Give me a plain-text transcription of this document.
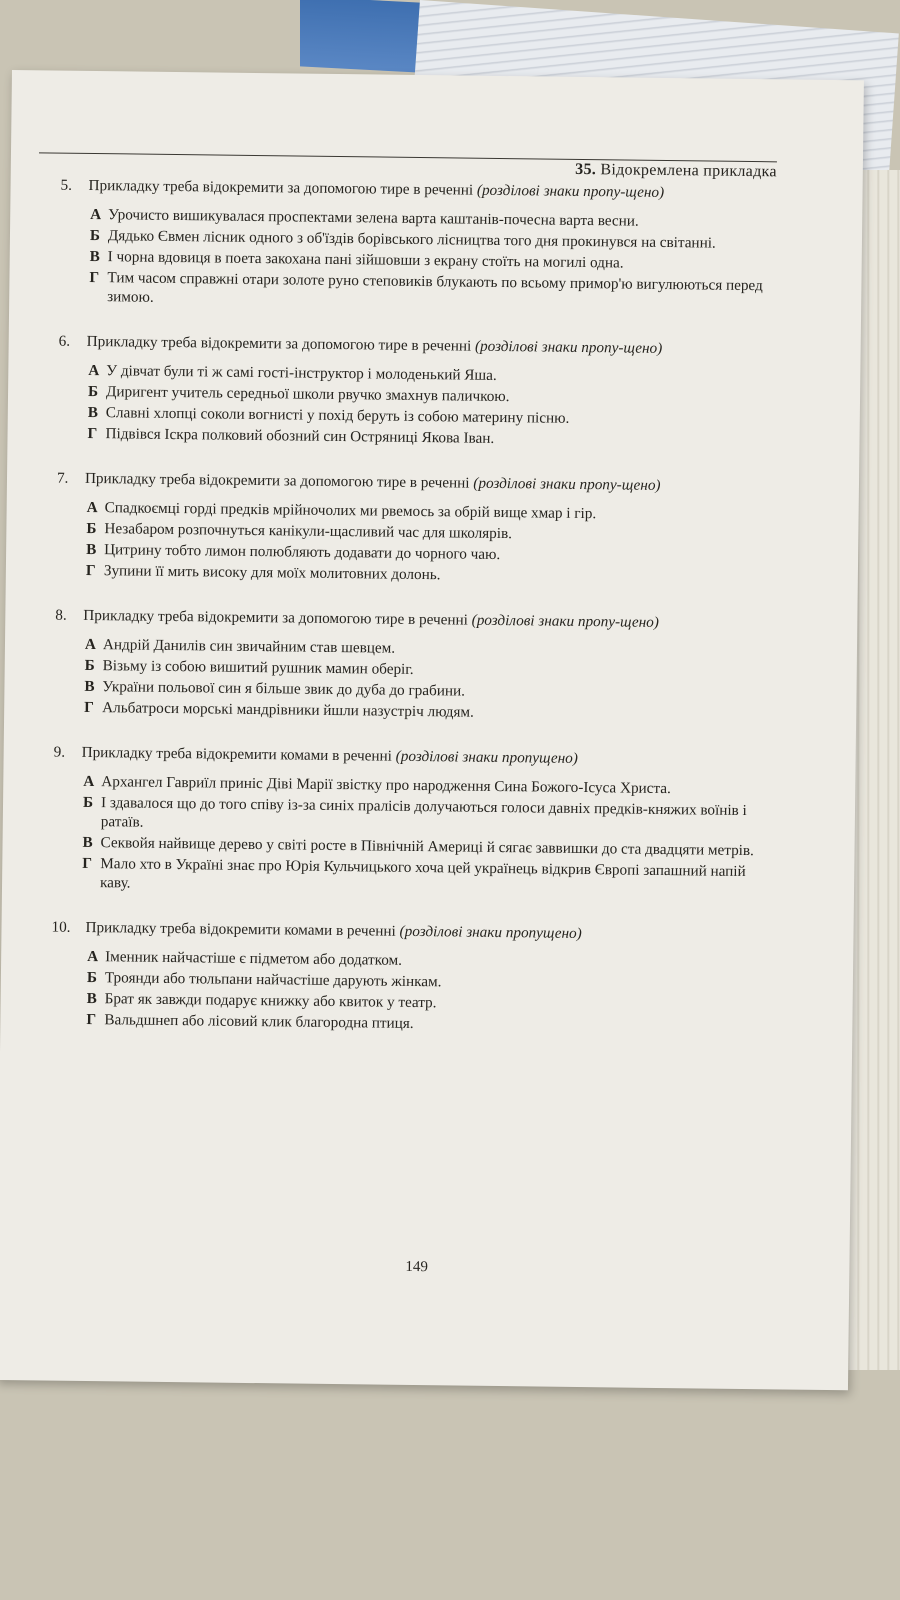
35. Відокремлена прикладка
5. Прикладку треба відокремити за допомогою тире в реченні (розділові знаки пропу-щено)
А Урочисто вишикувалася проспектами зелена варта каштанів-почесна варта весни.
Б Дядько Євмен лісник одного з об'їздів борівського лісництва того дня прокинувся на світанні.
В І чорна вдовиця в поета закохана пані зійшовши з екрану стоїть на могилі одна.
Г Тим часом справжні отари золоте руно степовиків блукають по всьому примор'ю вигулюються перед зимою.
6. Прикладку треба відокремити за допомогою тире в реченні (розділові знаки пропу-щено)
А У дівчат були ті ж самі гості-інструктор і молоденький Яша.
Б Диригент учитель середньої школи рвучко змахнув паличкою.
В Славні хлопці соколи вогнисті у похід беруть із собою материну пісню.
Г Підвівся Іскра полковий обозний син Остряниці Якова Іван.
7. Прикладку треба відокремити за допомогою тире в реченні (розділові знаки пропу-щено)
А Спадкоємці горді предків мрійночолих ми рвемось за обрій вище хмар і гір.
Б Незабаром розпочнуться канікули-щасливий час для школярів.
В Цитрину тобто лимон полюбляють додавати до чорного чаю.
Г Зупини її мить високу для моїх молитовних долонь.
8. Прикладку треба відокремити за допомогою тире в реченні (розділові знаки пропу-щено)
А Андрій Данилів син звичайним став шевцем.
Б Візьму із собою вишитий рушник мамин оберіг.
В України польової син я більше звик до дуба до грабини.
Г Альбатроси морські мандрівники йшли назустріч людям.
9. Прикладку треба відокремити комами в реченні (розділові знаки пропущено)
А Архангел Гавриїл приніс Діві Марії звістку про народження Сина Божого-Ісуса Христа.
Б І здавалося що до того співу із-за синіх пралісів долучаються голоси давніх предків-княжих воїнів і ратаїв.
В Секвойя найвище дерево у світі росте в Північній Америці й сягає заввишки до ста двадцяти метрів.
Г Мало хто в Україні знає про Юрія Кульчицького хоча цей українець відкрив Європі запашний напій каву.
10. Прикладку треба відокремити комами в реченні (розділові знаки пропущено)
А Іменник найчастіше є підметом або додатком.
Б Троянди або тюльпани найчастіше дарують жінкам.
В Брат як завжди подарує книжку або квиток у театр.
Г Вальдшнеп або лісовий клик благородна птиця.
149
